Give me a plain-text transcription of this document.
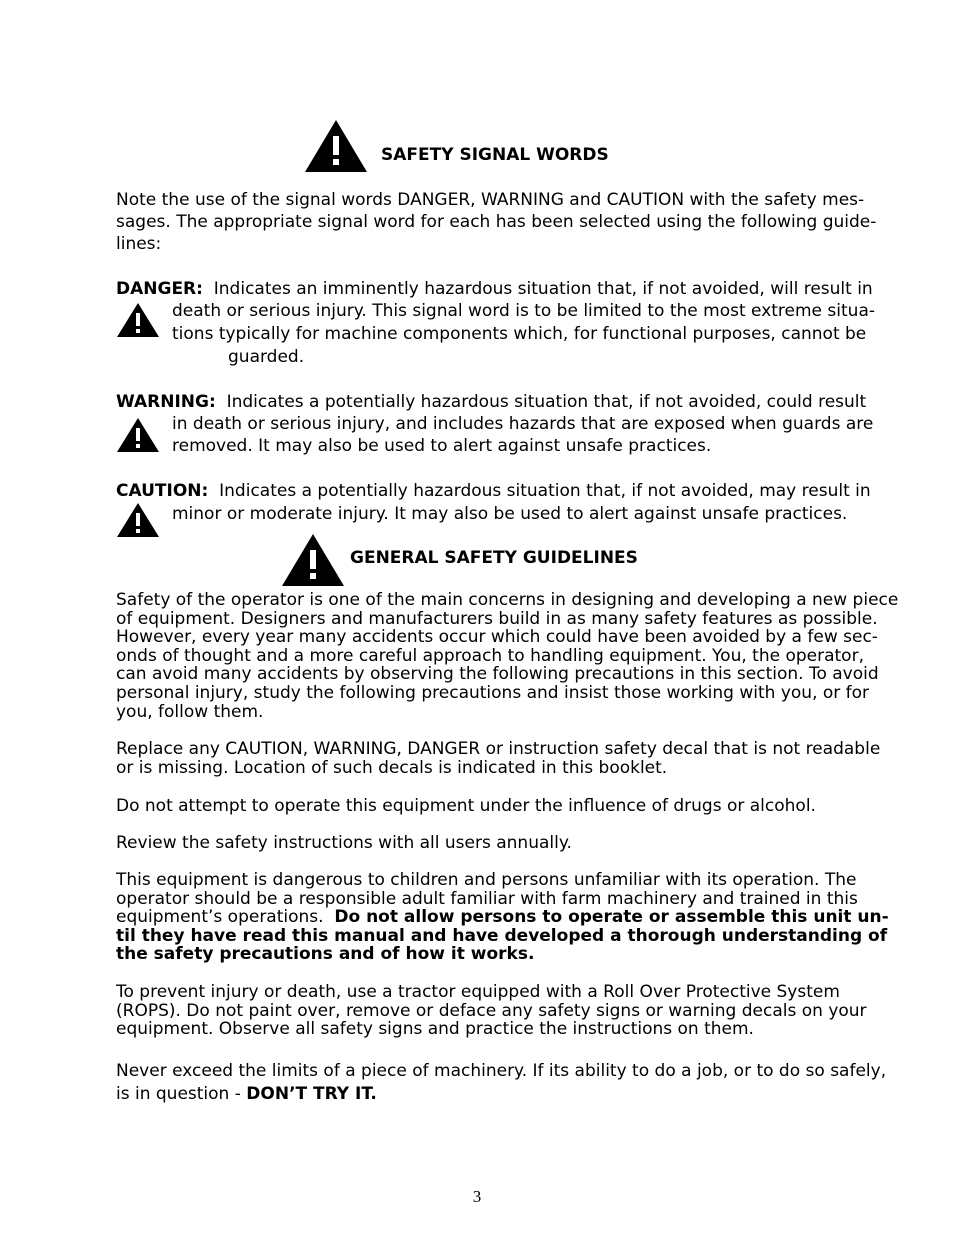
SAFETY SIGNAL WORDS
Note the use of the signal words DANGER, WARNING and CAUTION with the safety mes-
sages. The appropriate signal word for each has been selected using the following guide-
lines:
DANGER:  Indicates an imminently hazardous situation that, if not avoided, will result in
death or serious injury. This signal word is to be limited to the most extreme situa-
tions typically for machine components which, for functional purposes, cannot be
guarded.
WARNING:  Indicates a potentially hazardous situation that, if not avoided, could result
in death or serious injury, and includes hazards that are exposed when guards are
removed. It may also be used to alert against unsafe practices.
CAUTION:  Indicates a potentially hazardous situation that, if not avoided, may result in
minor or moderate injury. It may also be used to alert against unsafe practices.
GENERAL SAFETY GUIDELINES
Safety of the operator is one of the main concerns in designing and developing a new piece
of equipment. Designers and manufacturers build in as many safety features as possible.
However, every year many accidents occur which could have been avoided by a few sec-
onds of thought and a more careful approach to handling equipment. You, the operator,
can avoid many accidents by observing the following precautions in this section. To avoid
personal injury, study the following precautions and insist those working with you, or for
you, follow them.
Replace any CAUTION, WARNING, DANGER or instruction safety decal that is not readable
or is missing. Location of such decals is indicated in this booklet.
Do not attempt to operate this equipment under the influence of drugs or alcohol.
Review the safety instructions with all users annually.
This equipment is dangerous to children and persons unfamiliar with its operation. The
operator should be a responsible adult familiar with farm machinery and trained in this
equipment’s operations.  Do not allow persons to operate or assemble this unit un-
til they have read this manual and have developed a thorough understanding of
the safety precautions and of how it works.
To prevent injury or death, use a tractor equipped with a Roll Over Protective System
(ROPS). Do not paint over, remove or deface any safety signs or warning decals on your
equipment. Observe all safety signs and practice the instructions on them.
Never exceed the limits of a piece of machinery. If its ability to do a job, or to do so safely,
is in question - DON’T TRY IT.
3
